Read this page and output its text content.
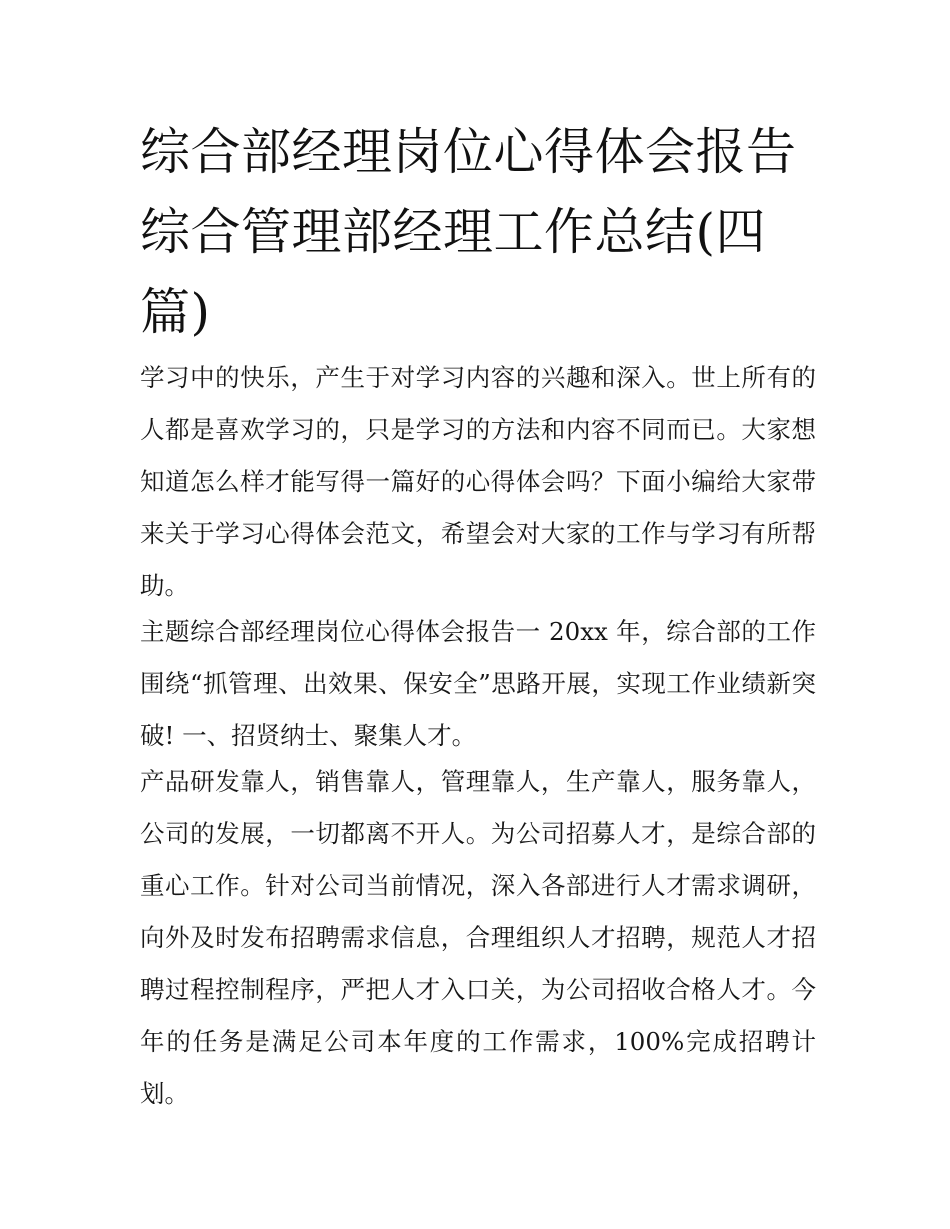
综合部经理岗位心得体会报告综合管理部经理工作总结(四篇)

学习中的快乐，产生于对学习内容的兴趣和深入。世上所有的人都是喜欢学习的，只是学习的方法和内容不同而已。大家想知道怎么样才能写得一篇好的心得体会吗？下面小编给大家带来关于学习心得体会范文，希望会对大家的工作与学习有所帮助。

主题综合部经理岗位心得体会报告一 20xx 年，综合部的工作围绕“抓管理、出效果、保安全”思路开展，实现工作业绩新突破! 一、招贤纳士、聚集人才。

产品研发靠人，销售靠人，管理靠人，生产靠人，服务靠人，公司的发展，一切都离不开人。为公司招募人才，是综合部的重心工作。针对公司当前情况，深入各部进行人才需求调研，向外及时发布招聘需求信息，合理组织人才招聘，规范人才招聘过程控制程序，严把人才入口关，为公司招收合格人才。今年的任务是满足公司本年度的工作需求，100%完成招聘计划。
